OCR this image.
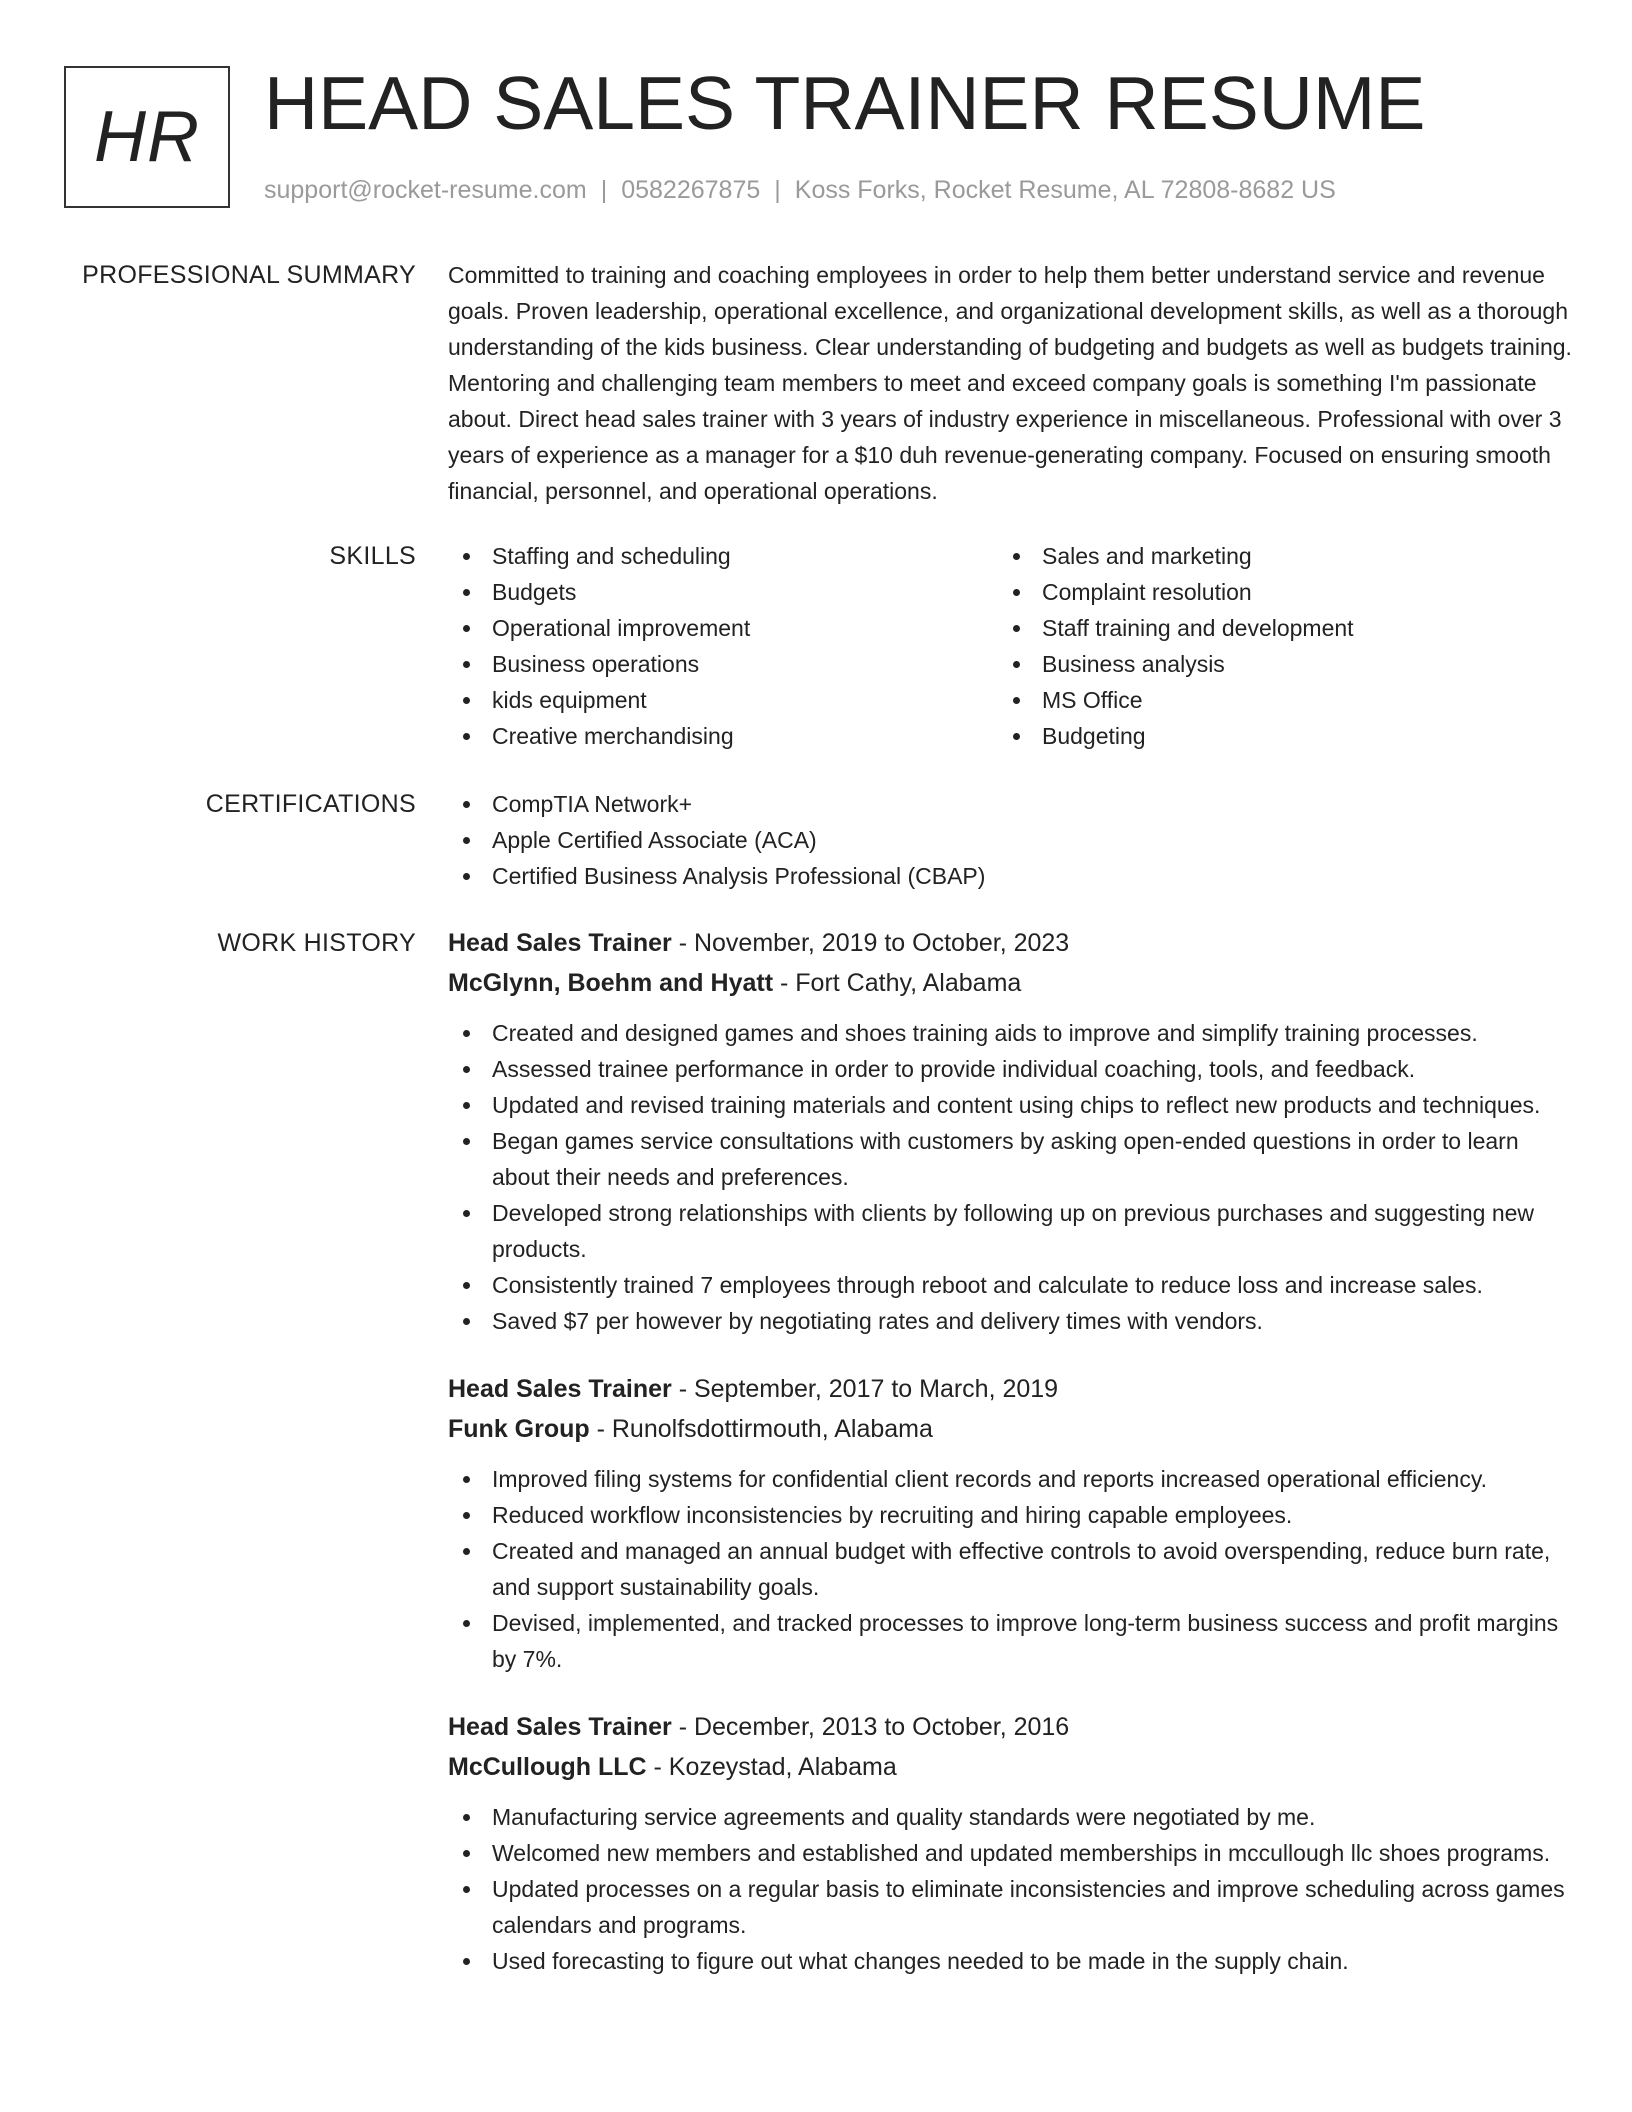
HR HEAD SALES TRAINER RESUME
support@rocket-resume.com | 0582267875 | Koss Forks, Rocket Resume, AL 72808-8682 US
PROFESSIONAL SUMMARY Committed to training and coaching employees in order to help them better understand service and revenue goals. Proven leadership, operational excellence, and organizational development skills, as well as a thorough understanding of the kids business. Clear understanding of budgeting and budgets as well as budgets training. Mentoring and challenging team members to meet and exceed company goals is something I'm passionate about. Direct head sales trainer with 3 years of industry experience in miscellaneous. Professional with over 3 years of experience as a manager for a $10 duh revenue-generating company. Focused on ensuring smooth financial, personnel, and operational operations.

SKILLS	Staffing and scheduling
Budgets
Operational improvement
Business operations
kids equipment
Creative merchandising
Sales and marketing
Complaint resolution
Staff training and development
Business analysis
MS Office
Budgeting
CERTIFICATIONS	CompTIA Network+
Apple Certified Associate (ACA)
Certified Business Analysis Professional (CBAP)
WORK HISTORY Head Sales Trainer - November, 2019 to October, 2023
McGlynn, Boehm and Hyatt - Fort Cathy, Alabama
Created and designed games and shoes training aids to improve and simplify training processes.
Assessed trainee performance in order to provide individual coaching, tools, and feedback.
Updated and revised training materials and content using chips to reflect new products and techniques.
Began games service consultations with customers by asking open-ended questions in order to learn about their needs and preferences.
Developed strong relationships with clients by following up on previous purchases and suggesting new products.
Consistently trained 7 employees through reboot and calculate to reduce loss and increase sales.
Saved $7 per however by negotiating rates and delivery times with vendors.
Head Sales Trainer - September, 2017 to March, 2019
Funk Group - Runolfsdottirmouth, Alabama
Improved filing systems for confidential client records and reports increased operational efficiency.
Reduced workflow inconsistencies by recruiting and hiring capable employees.
Created and managed an annual budget with effective controls to avoid overspending, reduce burn rate, and support sustainability goals.
Devised, implemented, and tracked processes to improve long-term business success and profit margins by 7%.
Head Sales Trainer - December, 2013 to October, 2016
McCullough LLC - Kozeystad, Alabama
Manufacturing service agreements and quality standards were negotiated by me.
Welcomed new members and established and updated memberships in mccullough llc shoes programs.
Updated processes on a regular basis to eliminate inconsistencies and improve scheduling across games calendars and programs.
Used forecasting to figure out what changes needed to be made in the supply chain.
